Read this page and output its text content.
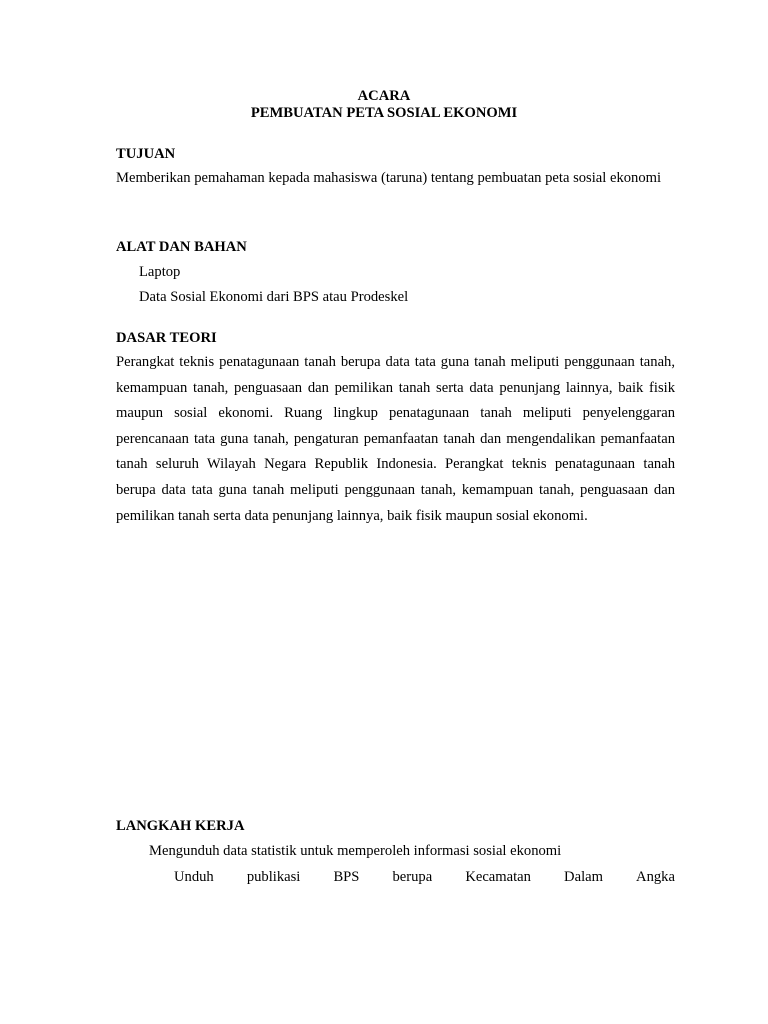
ACARA
PEMBUATAN PETA SOSIAL EKONOMI
TUJUAN
Memberikan pemahaman kepada mahasiswa (taruna) tentang pembuatan peta sosial ekonomi
ALAT DAN BAHAN
Laptop
Data Sosial Ekonomi dari BPS atau Prodeskel
DASAR TEORI
Perangkat teknis penatagunaan tanah berupa data tata guna tanah meliputi penggunaan tanah, kemampuan tanah, penguasaan dan pemilikan tanah serta data penunjang lainnya, baik fisik maupun sosial ekonomi. Ruang lingkup penatagunaan tanah meliputi penyelenggaran perencanaan tata guna tanah, pengaturan pemanfaatan tanah dan mengendalikan pemanfaatan tanah seluruh Wilayah Negara Republik Indonesia. Perangkat teknis penatagunaan tanah berupa data tata guna tanah meliputi penggunaan tanah, kemampuan tanah, penguasaan dan pemilikan tanah serta data penunjang lainnya, baik fisik maupun sosial ekonomi.
LANGKAH KERJA
Mengunduh data statistik untuk memperoleh informasi sosial ekonomi
Unduh publikasi BPS berupa Kecamatan Dalam Angka
